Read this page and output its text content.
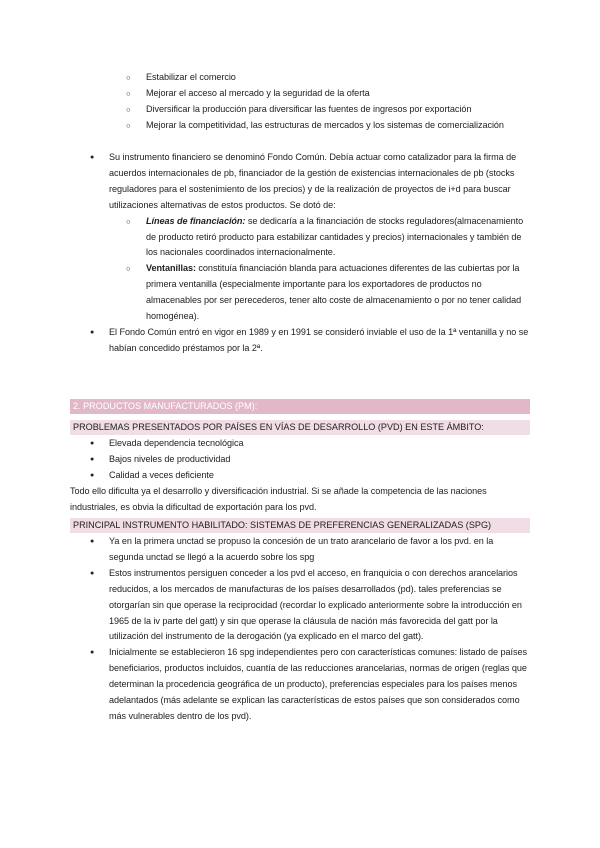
○ Estabilizar el comercio
○ Mejorar el acceso al mercado y la seguridad de la oferta
○ Diversificar la producción para diversificar las fuentes de ingresos por exportación
○ Mejorar la competitividad, las estructuras de mercados y los sistemas de comercialización
● Su instrumento financiero se denominó Fondo Común. Debía actuar como catalizador para la firma de acuerdos internacionales de pb, financiador de la gestión de existencias internacionales de pb (stocks reguladores para el sostenimiento de los precios) y de la realización de proyectos de i+d para buscar utilizaciones alternativas de estos productos. Se dotó de:
○ Líneas de financiación: se dedicaría a la financiación de stocks reguladores(almacenamiento de producto retiró producto para estabilizar cantidades y precios) internacionales y también de los nacionales coordinados internacionalmente.
○ Ventanillas: constituía financiación blanda para actuaciones diferentes de las cubiertas por la primera ventanilla (especialmente importante para los exportadores de productos no almacenables por ser perecederos, tener alto coste de almacenamiento o por no tener calidad homogénea).
● El Fondo Común entró en vigor en 1989 y en 1991 se consideró inviable el uso de la 1ª ventanilla y no se habían concedido préstamos por la 2ª.
2. PRODUCTOS MANUFACTURADOS (PM):
PROBLEMAS PRESENTADOS POR PAÍSES EN VÍAS DE DESARROLLO (PVD) EN ESTE ÁMBITO:
● Elevada dependencia tecnológica
● Bajos niveles de productividad
● Calidad a veces deficiente
Todo ello dificulta ya el desarrollo y diversificación industrial. Si se añade la competencia de las naciones industriales, es obvia la dificultad de exportación para los pvd.
PRINCIPAL INSTRUMENTO HABILITADO: SISTEMAS DE PREFERENCIAS GENERALIZADAS (SPG)
● Ya en la primera unctad se propuso la concesión de un trato arancelario de favor a los pvd. en la segunda unctad se llegó a la acuerdo sobre los spg
● Estos instrumentos persiguen conceder a los pvd el acceso, en franquicia o con derechos arancelarios reducidos, a los mercados de manufacturas de los países desarrollados (pd). tales preferencias se otorgarían sin que operase la reciprocidad (recordar lo explicado anteriormente sobre la introducción en 1965 de la iv parte del gatt) y sin que operase la cláusula de nación más favorecida del gatt por la utilización del instrumento de la derogación (ya explicado en el marco del gatt).
● Inicialmente se establecieron 16 spg independientes pero con características comunes: listado de países beneficiarios, productos incluidos, cuantía de las reducciones arancelarias, normas de origen (reglas que determinan la procedencia geográfica de un producto), preferencias especiales para los países menos adelantados (más adelante se explican las características de estos países que son considerados como más vulnerables dentro de los pvd).
